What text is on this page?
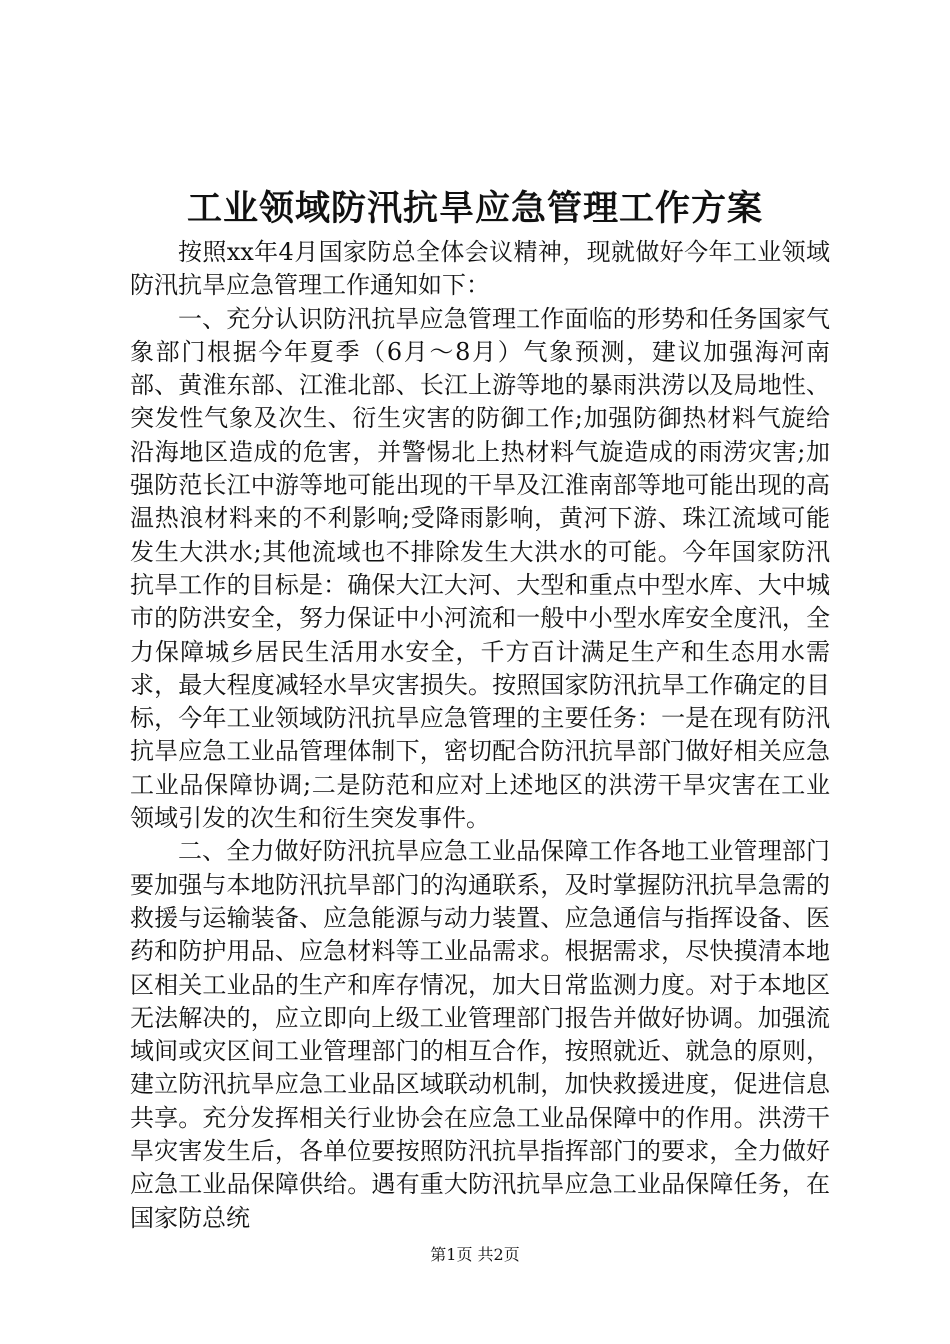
工业领域防汛抗旱应急管理工作方案

按照xx年4月国家防总全体会议精神，现就做好今年工业领域防汛抗旱应急管理工作通知如下：

一、充分认识防汛抗旱应急管理工作面临的形势和任务国家气象部门根据今年夏季（6月～8月）气象预测，建议加强海河南部、黄淮东部、江淮北部、长江上游等地的暴雨洪涝以及局地性、突发性气象及次生、衍生灾害的防御工作;加强防御热材料气旋给沿海地区造成的危害，并警惕北上热材料气旋造成的雨涝灾害;加强防范长江中游等地可能出现的干旱及江淮南部等地可能出现的高温热浪材料来的不利影响;受降雨影响，黄河下游、珠江流域可能发生大洪水;其他流域也不排除发生大洪水的可能。今年国家防汛抗旱工作的目标是：确保大江大河、大型和重点中型水库、大中城市的防洪安全，努力保证中小河流和一般中小型水库安全度汛，全力保障城乡居民生活用水安全，千方百计满足生产和生态用水需求，最大程度减轻水旱灾害损失。按照国家防汛抗旱工作确定的目标，今年工业领域防汛抗旱应急管理的主要任务：一是在现有防汛抗旱应急工业品管理体制下，密切配合防汛抗旱部门做好相关应急工业品保障协调;二是防范和应对上述地区的洪涝干旱灾害在工业领域引发的次生和衍生突发事件。

二、全力做好防汛抗旱应急工业品保障工作各地工业管理部门要加强与本地防汛抗旱部门的沟通联系，及时掌握防汛抗旱急需的救援与运输装备、应急能源与动力装置、应急通信与指挥设备、医药和防护用品、应急材料等工业品需求。根据需求，尽快摸清本地区相关工业品的生产和库存情况，加大日常监测力度。对于本地区无法解决的，应立即向上级工业管理部门报告并做好协调。加强流域间或灾区间工业管理部门的相互合作，按照就近、就急的原则，建立防汛抗旱应急工业品区域联动机制，加快救援进度，促进信息共享。充分发挥相关行业协会在应急工业品保障中的作用。洪涝干旱灾害发生后，各单位要按照防汛抗旱指挥部门的要求，全力做好应急工业品保障供给。遇有重大防汛抗旱应急工业品保障任务，在国家防总统

第1页 共2页
